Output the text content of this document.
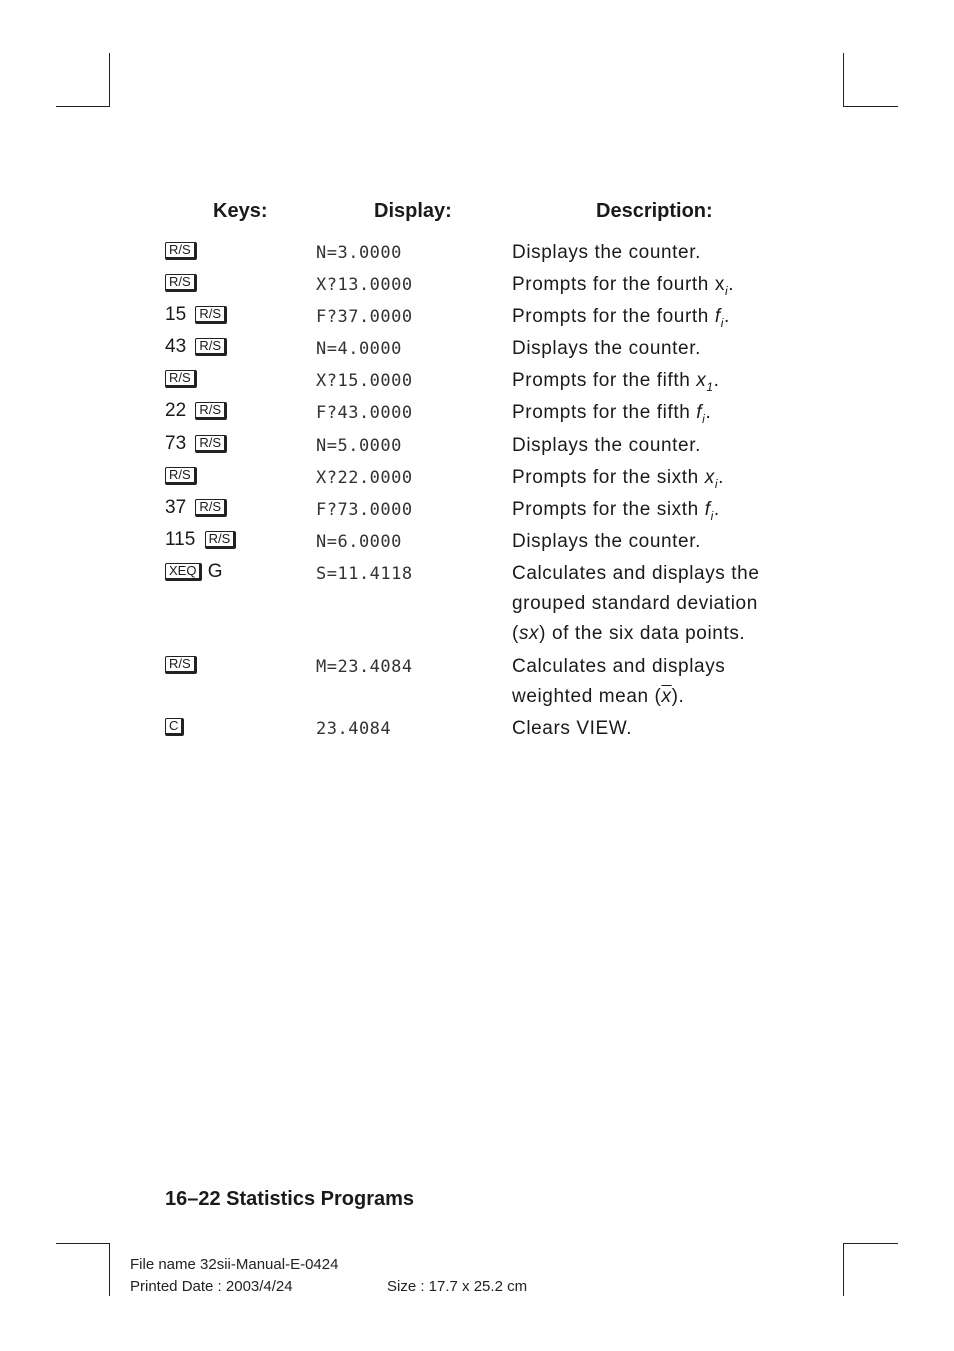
Keys:	Display:	Description:
R/S	N=3.0000	Displays the counter.
R/S	X?13.0000	Prompts for the fourth $x_i$.
15 R/S	F?37.0000	Prompts for the fourth $f_i$.
43 R/S	N=4.0000	Displays the counter.
R/S	X?15.0000	Prompts for the fifth $x_1$.
22 R/S	F?43.0000	Prompts for the fifth $f_i$.
73 R/S	N=5.0000	Displays the counter.
R/S	X?22.0000	Prompts for the sixth $x_i$.
37 R/S	F?73.0000	Prompts for the sixth $f_i$.
115 R/S	N=6.0000	Displays the counter.
XEQ G	S=11.4118	Calculates and displays the
grouped standard deviation
(sx) of the six data points.
R/S	M=23.4084	Calculates and displays
weighted mean $(\overline{x})$.
C	23.4084	Clears VIEW.
16–22 Statistics Programs
File name 32sii-Manual-E-0424
Printed Date : 2003/4/24	Size : 17.7 x 25.2 cm
